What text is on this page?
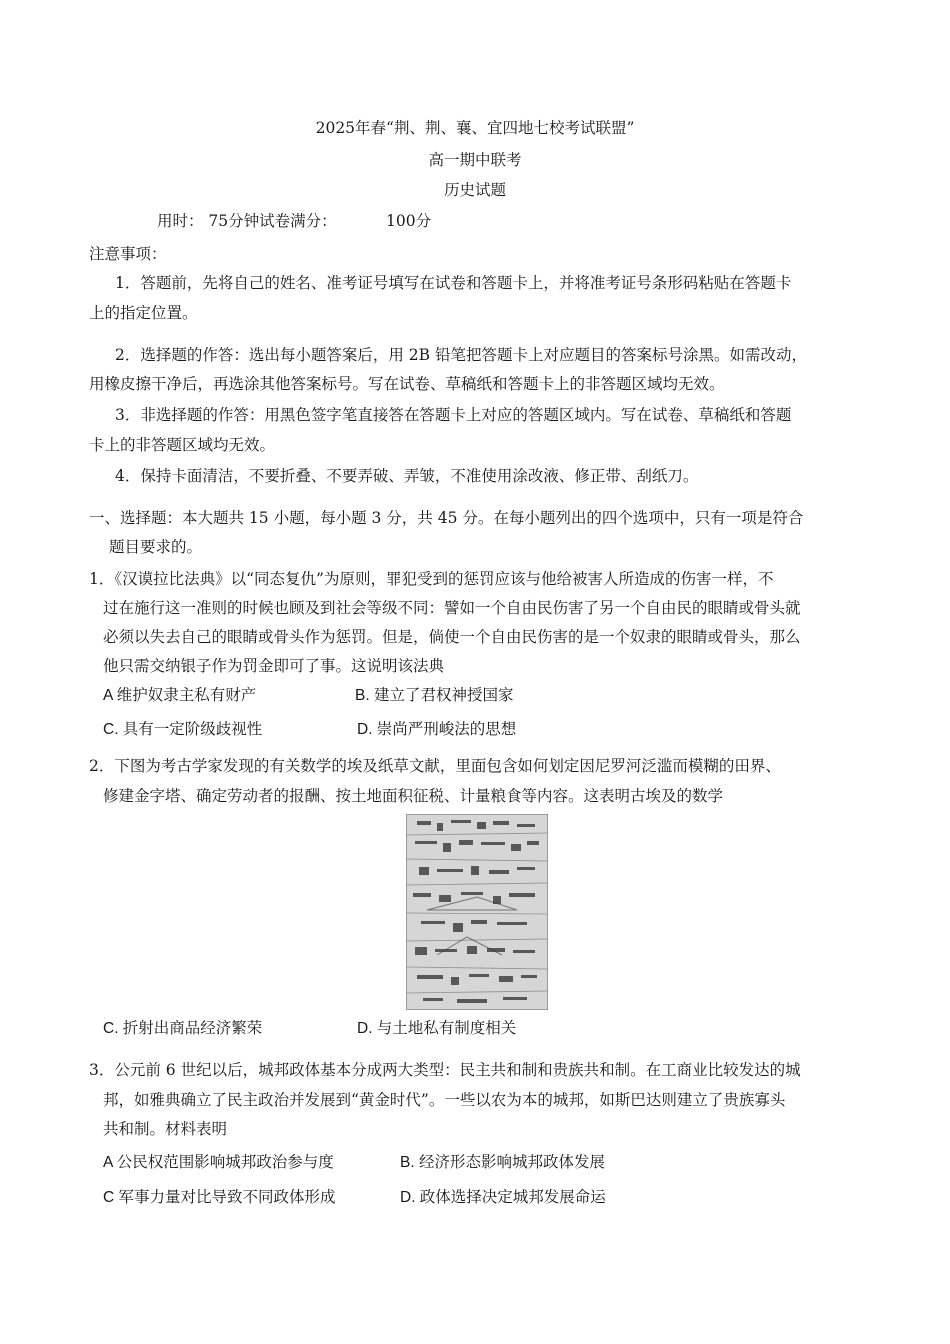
2025年春“荆、荆、襄、宜四地七校考试联盟”
高一期中联考
历史试题
用时： 75分钟试卷满分：	100分
注意事项：
1．答题前，先将自己的姓名、准考证号填写在试卷和答题卡上，并将准考证号条形码粘贴在答题卡
上的指定位置。
2．选择题的作答：选出每小题答案后，用 2B 铅笔把答题卡上对应题目的答案标号涂黑。如需改动，
用橡皮擦干净后，再选涂其他答案标号。写在试卷、草稿纸和答题卡上的非答题区域均无效。
3．非选择题的作答：用黑色签字笔直接答在答题卡上对应的答题区域内。写在试卷、草稿纸和答题
卡上的非答题区域均无效。
4．保持卡面清洁，不要折叠、不要弄破、弄皱，不准使用涂改液、修正带、刮纸刀。
一、选择题：本大题共 15 小题，每小题 3 分，共 45 分。在每小题列出的四个选项中，只有一项是符合
题目要求的。
1．《汉谟拉比法典》以“同态复仇”为原则，罪犯受到的惩罚应该与他给被害人所造成的伤害一样，不
过在施行这一准则的时候也顾及到社会等级不同：譬如一个自由民伤害了另一个自由民的眼睛或骨头就
必须以失去自己的眼睛或骨头作为惩罚。但是，倘使一个自由民伤害的是一个奴隶的眼睛或骨头，那么
他只需交纳银子作为罚金即可了事。这说明该法典
A 维护奴隶主私有财产	B. 建立了君权神授国家
C. 具有一定阶级歧视性	D. 崇尚严刑峻法的思想
2．下图为考古学家发现的有关数学的埃及纸草文献，里面包含如何划定因尼罗河泛滥而模糊的田界、
修建金字塔、确定劳动者的报酬、按土地面积征税、计量粮食等内容。这表明古埃及的数学
C. 折射出商品经济繁荣	D. 与土地私有制度相关
3．公元前 6 世纪以后，城邦政体基本分成两大类型：民主共和制和贵族共和制。在工商业比较发达的城
邦，如雅典确立了民主政治并发展到“黄金时代”。一些以农为本的城邦，如斯巴达则建立了贵族寡头
共和制。材料表明
A 公民权范围影响城邦政治参与度	B. 经济形态影响城邦政体发展
C 军事力量对比导致不同政体形成	D. 政体选择决定城邦发展命运
